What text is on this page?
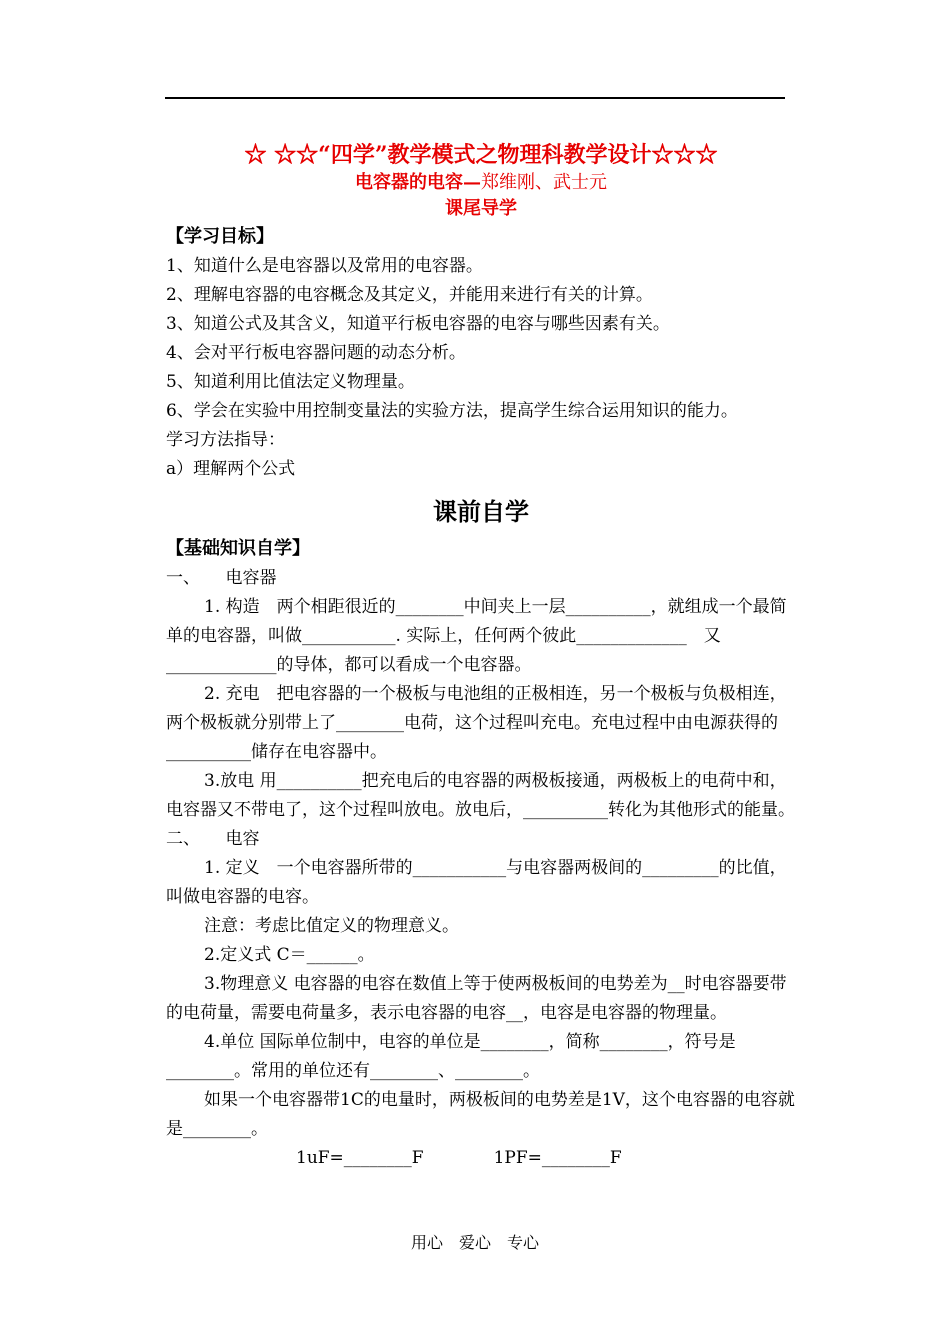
☆ ☆☆“四学”教学模式之物理科教学设计☆☆☆
电容器的电容—郑维刚、武士元
课尾导学
【学习目标】
1、知道什么是电容器以及常用的电容器。
2、理解电容器的电容概念及其定义，并能用来进行有关的计算。
3、知道公式及其含义，知道平行板电容器的电容与哪些因素有关。
4、会对平行板电容器问题的动态分析。
5、知道利用比值法定义物理量。
6、学会在实验中用控制变量法的实验方法，提高学生综合运用知识的能力。
学习方法指导：
a）理解两个公式
课前自学
【基础知识自学】
一、　　电容器
1. 构造　两个相距很近的________中间夹上一层__________，就组成一个最简单的电容器，叫做___________. 实际上，任何两个彼此_____________　又_____________的导体，都可以看成一个电容器。
2. 充电　把电容器的一个极板与电池组的正极相连，另一个极板与负极相连，两个极板就分别带上了________电荷，这个过程叫充电。充电过程中由电源获得的__________储存在电容器中。
3.放电 用__________把充电后的电容器的两极板接通，两极板上的电荷中和，电容器又不带电了，这个过程叫放电。放电后，__________转化为其他形式的能量。
二、　　电容
1. 定义　一个电容器所带的___________与电容器两极间的_________的比值，叫做电容器的电容。
注意：考虑比值定义的物理意义。
2.定义式 C＝______。
3.物理意义 电容器的电容在数值上等于使两极板间的电势差为__时电容器要带的电荷量，需要电荷量多，表示电容器的电容__，电容是电容器的物理量。
4.单位 国际单位制中，电容的单位是________，简称________，符号是________。常用的单位还有________、________。
如果一个电容器带1C的电量时，两极板间的电势差是1V，这个电容器的电容就是________。
1uF=________F	1PF=________F
用心　爱心　专心
